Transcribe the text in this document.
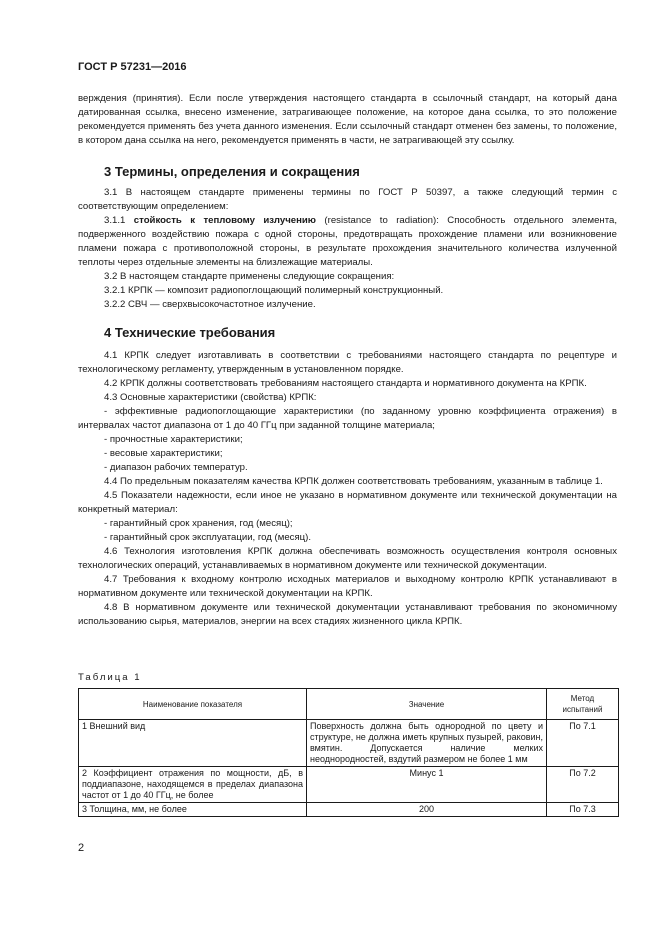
ГОСТ Р 57231—2016

верждения (принятия). Если после утверждения настоящего стандарта в ссылочный стандарт, на который дана датированная ссылка, внесено изменение, затрагивающее положение, на которое дана ссылка, то это положение рекомендуется применять без учета данного изменения. Если ссылочный стандарт отменен без замены, то положение, в котором дана ссылка на него, рекомендуется применять в части, не затрагивающей эту ссылку.

3 Термины, определения и сокращения

3.1 В настоящем стандарте применены термины по ГОСТ Р 50397, а также следующий термин с соответствующим определением:

3.1.1 стойкость к тепловому излучению (resistance to radiation): Способность отдельного элемента, подверженного воздействию пожара с одной стороны, предотвращать прохождение пламени или возникновение пламени пожара с противоположной стороны, в результате прохождения значительного количества излученной теплоты через отдельные элементы на близлежащие материалы.

3.2 В настоящем стандарте применены следующие сокращения:

3.2.1 КРПК — композит радиопоглощающий полимерный конструкционный.

3.2.2 СВЧ — сверхвысокочастотное излучение.

4 Технические требования

4.1 КРПК следует изготавливать в соответствии с требованиями настоящего стандарта по рецептуре и технологическому регламенту, утвержденным в установленном порядке.

4.2 КРПК должны соответствовать требованиям настоящего стандарта и нормативного документа на КРПК.

4.3 Основные характеристики (свойства) КРПК:

- эффективные радиопоглощающие характеристики (по заданному уровню коэффициента отражения) в интервалах частот диапазона от 1 до 40 ГГц при заданной толщине материала;

- прочностные характеристики;

- весовые характеристики;

- диапазон рабочих температур.

4.4 По предельным показателям качества КРПК должен соответствовать требованиям, указанным в таблице 1.

4.5 Показатели надежности, если иное не указано в нормативном документе или технической документации на конкретный материал:

- гарантийный срок хранения, год (месяц);

- гарантийный срок эксплуатации, год (месяц).

4.6 Технология изготовления КРПК должна обеспечивать возможность осуществления контроля основных технологических операций, устанавливаемых в нормативном документе или технической документации.

4.7 Требования к входному контролю исходных материалов и выходному контролю КРПК устанавливают в нормативном документе или технической документации на КРПК.

4.8 В нормативном документе или технической документации устанавливают требования по экономичному использованию сырья, материалов, энергии на всех стадиях жизненного цикла КРПК.

Таблица 1
Наименование показателя	Значение	Метод испытаний
1 Внешний вид	Поверхность должна быть однородной по цвету и структуре, не должна иметь крупных пузырей, раковин, вмятин. Допускается наличие мелких неоднородностей, вздутий размером не более 1 мм	По 7.1
2 Коэффициент отражения по мощности, дБ, в поддиапазоне, находящемся в пределах диапазона частот от 1 до 40 ГГц, не более	Минус 1	По 7.2
3 Толщина, мм, не более	200	По 7.3
2
